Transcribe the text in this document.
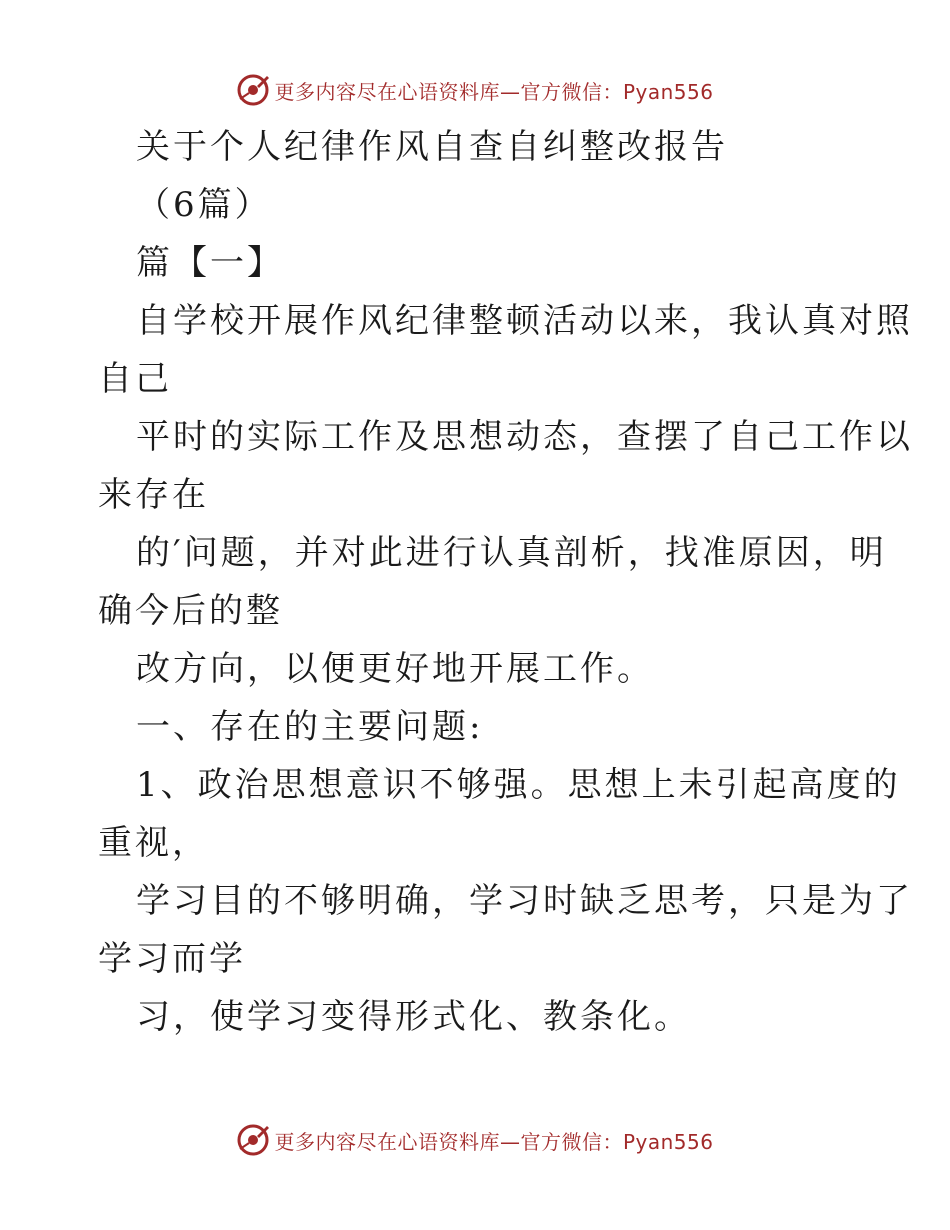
更多内容尽在心语资料库—官方微信：Pyan556
关于个人纪律作风自查自纠整改报告
（6篇）
篇【一】
自学校开展作风纪律整顿活动以来，我认真对照
自己
平时的实际工作及思想动态，查摆了自己工作以
来存在
的′问题，并对此进行认真剖析，找准原因，明
确今后的整
改方向，以便更好地开展工作。
一、存在的主要问题:
1、政治思想意识不够强。思想上未引起高度的
重视，
学习目的不够明确，学习时缺乏思考，只是为了
学习而学
习，使学习变得形式化、教条化。
更多内容尽在心语资料库—官方微信：Pyan556
